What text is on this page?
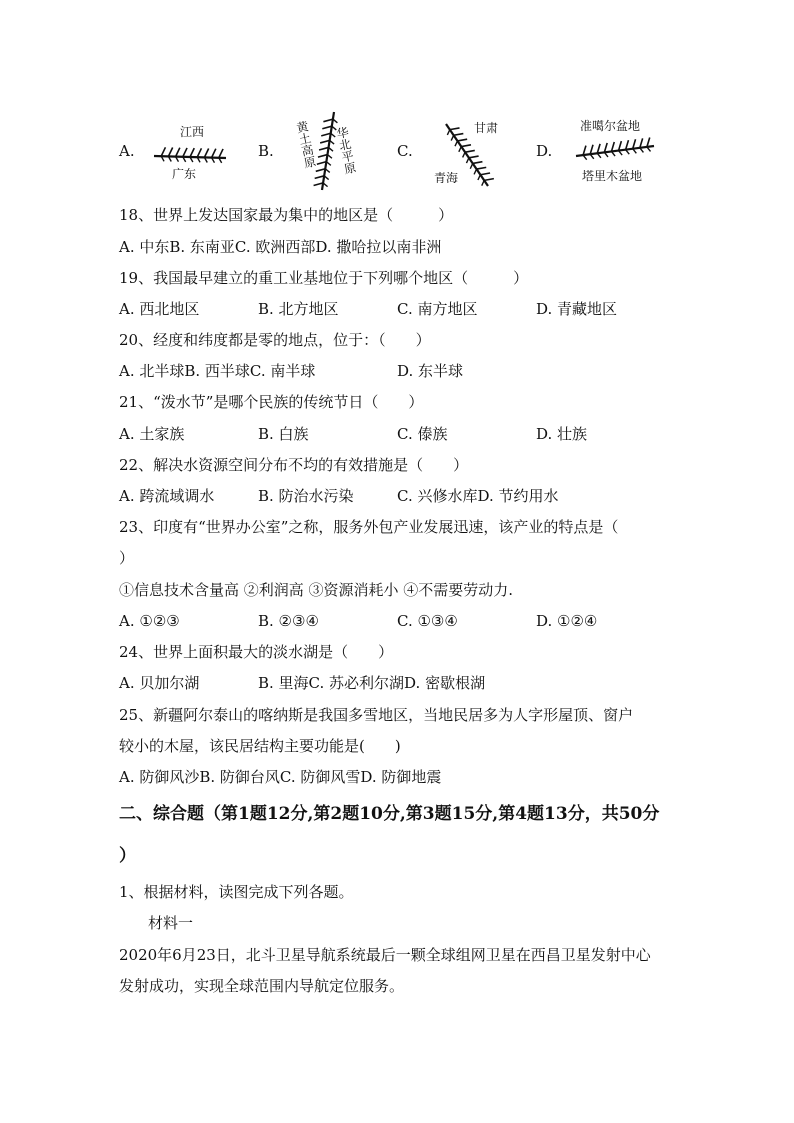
A.
江西
广东
B. 黄土高原 华北平原	C.
甘肃
青海
D.
准噶尔盆地
塔里木盆地
18、世界上发达国家最为集中的地区是（　　　）
A. 中东B. 东南亚C. 欧洲西部D. 撒哈拉以南非洲
19、我国最早建立的重工业基地位于下列哪个地区（　　　）
A. 西北地区	B. 北方地区	C. 南方地区	D. 青藏地区
20、经度和纬度都是零的地点，位于：（　　）
A. 北半球B. 西半球C. 南半球	D. 东半球
21、“泼水节”是哪个民族的传统节日（　　）
A. 土家族	B. 白族	C. 傣族	D. 壮族
22、解决水资源空间分布不均的有效措施是（　　）
A. 跨流域调水	B. 防治水污染	C. 兴修水库D. 节约用水
23、印度有“世界办公室”之称，服务外包产业发展迅速，该产业的特点是（
）
①信息技术含量高 ②利润高 ③资源消耗小 ④不需要劳动力.
A. ①②③	B. ②③④	C. ①③④	D. ①②④
24、世界上面积最大的淡水湖是（　　）
A. 贝加尔湖	B. 里海C. 苏必利尔湖D. 密歇根湖
25、新疆阿尔泰山的喀纳斯是我国多雪地区，当地民居多为人字形屋顶、窗户
较小的木屋，该民居结构主要功能是(　　)
A. 防御风沙B. 防御台风C. 防御风雪D. 防御地震
二、综合题（第1题12分,第2题10分,第3题15分,第4题13分，共50分
）
1、根据材料，读图完成下列各题。
材料一
2020年6月23日，北斗卫星导航系统最后一颗全球组网卫星在西昌卫星发射中心
发射成功，实现全球范围内导航定位服务。
